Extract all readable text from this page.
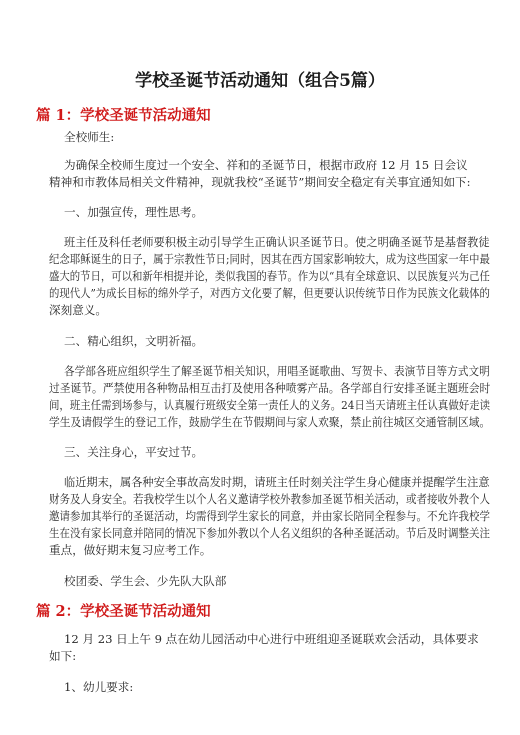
学校圣诞节活动通知（组合5篇）
篇 1：学校圣诞节活动通知
全校师生:
为确保全校师生度过一个安全、祥和的圣诞节日，根据市政府 12 月 15 日会议
精神和市教体局相关文件精神，现就我校“圣诞节”期间安全稳定有关事宜通知如下:
一、加强宣传，理性思考。
班主任及科任老师要积极主动引导学生正确认识圣诞节日。使之明确圣诞节是基督教徒
纪念耶稣诞生的日子，属于宗教性节日;同时，因其在西方国家影响较大，成为这些国家一年中最
盛大的节日，可以和新年相提并论，类似我国的春节。作为以“具有全球意识、以民族复兴为己任
的现代人”为成长目标的绵外学子，对西方文化要了解，但更要认识传统节日作为民族文化载体的
深刻意义。
二、精心组织，文明祈福。
各学部各班应组织学生了解圣诞节相关知识，用唱圣诞歌曲、写贺卡、表演节目等方式文明
过圣诞节。严禁使用各种物品相互击打及使用各种喷雾产品。各学部自行安排圣诞主题班会时
间，班主任需到场参与，认真履行班级安全第一责任人的义务。24日当天请班主任认真做好走读
学生及请假学生的登记工作，鼓励学生在节假期间与家人欢聚，禁止前往城区交通管制区域。
三、关注身心，平安过节。
临近期末，属各种安全事故高发时期，请班主任时刻关注学生身心健康并提醒学生注意
财务及人身安全。若我校学生以个人名义邀请学校外教参加圣诞节相关活动，或者接收外教个人
邀请参加其举行的圣诞活动，均需得到学生家长的同意，并由家长陪同全程参与。不允许我校学
生在没有家长同意并陪同的情况下参加外教以个人名义组织的各种圣诞活动。节后及时调整关注
重点，做好期末复习应考工作。
校团委、学生会、少先队大队部
篇 2：学校圣诞节活动通知
12 月 23 日上午 9 点在幼儿园活动中心进行中班组迎圣诞联欢会活动，具体要求
如下:
1、幼儿要求:
